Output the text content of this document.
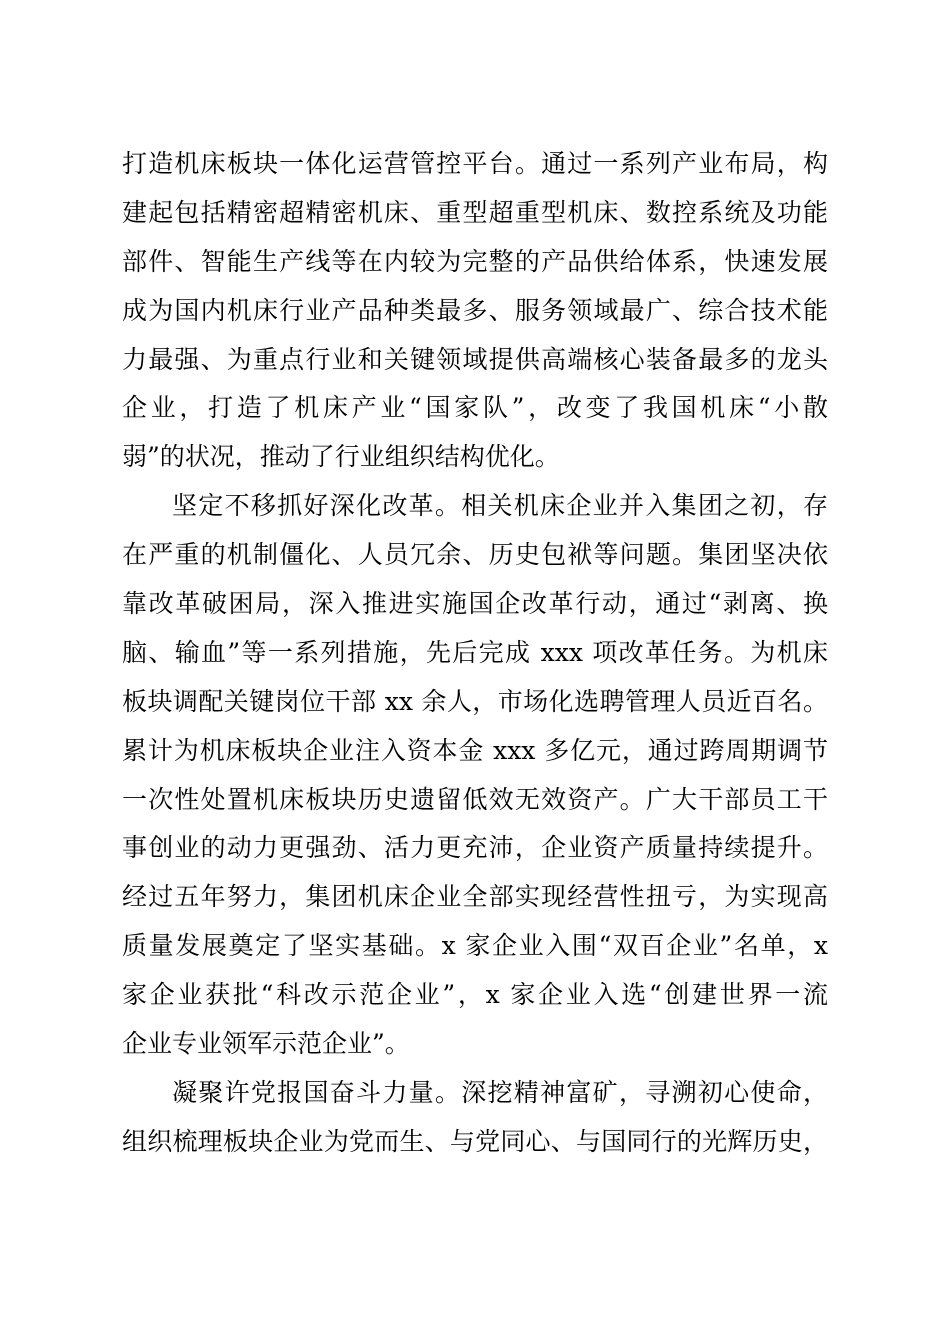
打造机床板块一体化运营管控平台。通过一系列产业布局，构
建起包括精密超精密机床、重型超重型机床、数控系统及功能
部件、智能生产线等在内较为完整的产品供给体系，快速发展
成为国内机床行业产品种类最多、服务领域最广、综合技术能
力最强、为重点行业和关键领域提供高端核心装备最多的龙头
企业，打造了机床产业“国家队”，改变了我国机床“小散
弱”的状况，推动了行业组织结构优化。
坚定不移抓好深化改革。相关机床企业并入集团之初，存
在严重的机制僵化、人员冗余、历史包袱等问题。集团坚决依
靠改革破困局，深入推进实施国企改革行动，通过“剥离、换
脑、输血”等一系列措施，先后完成 xxx 项改革任务。为机床
板块调配关键岗位干部 xx 余人，市场化选聘管理人员近百名。
累计为机床板块企业注入资本金 xxx 多亿元，通过跨周期调节
一次性处置机床板块历史遗留低效无效资产。广大干部员工干
事创业的动力更强劲、活力更充沛，企业资产质量持续提升。
经过五年努力，集团机床企业全部实现经营性扭亏，为实现高
质量发展奠定了坚实基础。x 家企业入围“双百企业”名单，x
家企业获批“科改示范企业”，x 家企业入选“创建世界一流
企业专业领军示范企业”。
凝聚许党报国奋斗力量。深挖精神富矿，寻溯初心使命，
组织梳理板块企业为党而生、与党同心、与国同行的光辉历史，
